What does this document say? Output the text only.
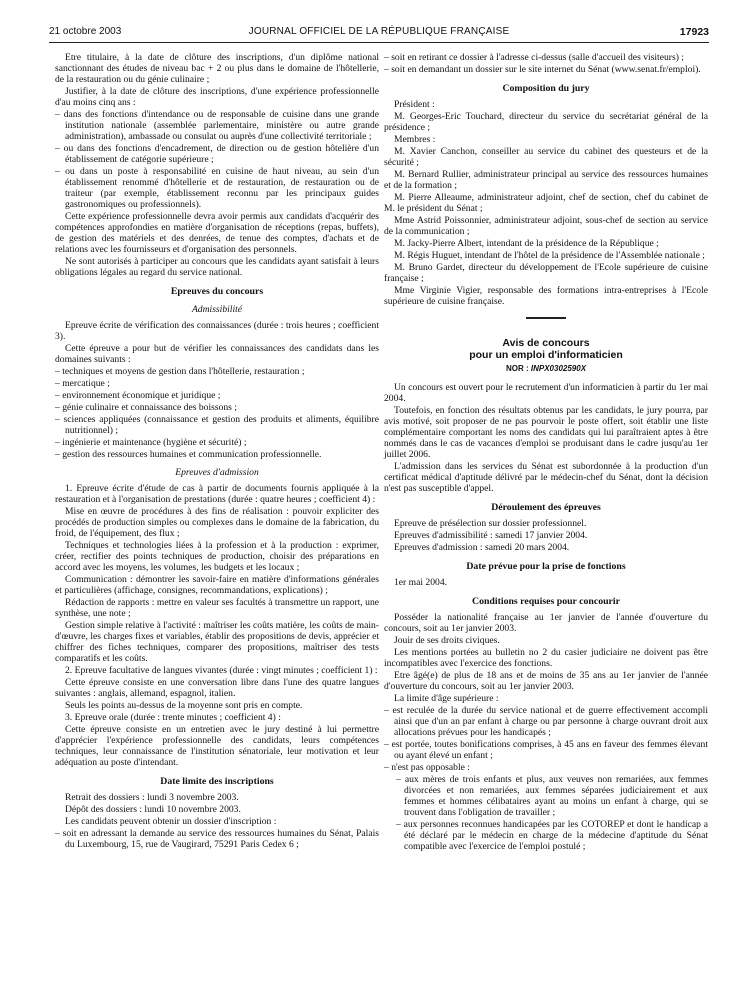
JOURNAL OFFICIEL DE LA RÉPUBLIQUE FRANÇAISE
21 octobre 2003	17923

Etre titulaire, à la date de clôture des inscriptions, d'un diplôme national sanctionnant des études de niveau bac + 2 ou plus dans le domaine de l'hôtellerie, de la restauration ou du génie culinaire ;

Justifier, à la date de clôture des inscriptions, d'une expérience professionnelle d'au moins cinq ans :

– dans des fonctions d'intendance ou de responsable de cuisine dans une grande institution nationale (assemblée parlementaire, ministère ou autre grande administration), ambassade ou consulat ou auprès d'une collectivité territoriale ;

– ou dans des fonctions d'encadrement, de direction ou de gestion hôtelière d'un établissement de catégorie supérieure ;

– ou dans un poste à responsabilité en cuisine de haut niveau, au sein d'un établissement renommé d'hôtellerie et de restauration, de restauration ou de traiteur (par exemple, établissement reconnu par les principaux guides gastronomiques ou professionnels).

Cette expérience professionnelle devra avoir permis aux candidats d'acquérir des compétences approfondies en matière d'organisation de réceptions (repas, buffets), de gestion des matériels et des denrées, de tenue des comptes, d'achats et de relations avec les fournisseurs et d'organisation des personnels.

Ne sont autorisés à participer au concours que les candidats ayant satisfait à leurs obligations légales au regard du service national.

Epreuves du concours
Admissibilité

Epreuve écrite de vérification des connaissances (durée : trois heures ; coefficient 3).

Cette épreuve a pour but de vérifier les connaissances des candidats dans les domaines suivants :

– techniques et moyens de gestion dans l'hôtellerie, restauration ;

– mercatique ;

– environnement économique et juridique ;

– génie culinaire et connaissance des boissons ;

– sciences appliquées (connaissance et gestion des produits et aliments, équilibre nutritionnel) ;

– ingénierie et maintenance (hygiène et sécurité) ;

– gestion des ressources humaines et communication professionnelle.

Epreuves d'admission

1. Epreuve écrite d'étude de cas à partir de documents fournis appliquée à la restauration et à l'organisation de prestations (durée : quatre heures ; coefficient 4) :

Mise en œuvre de procédures à des fins de réalisation : pouvoir expliciter des procédés de production simples ou complexes dans le domaine de la fabrication, du froid, de l'équipement, des flux ;

Techniques et technologies liées à la profession et à la production : exprimer, créer, rectifier des points techniques de production, choisir des préparations en accord avec les moyens, les volumes, les budgets et les locaux ;

Communication : démontrer les savoir-faire en matière d'informations générales et particulières (affichage, consignes, recommandations, explications) ;

Rédaction de rapports : mettre en valeur ses facultés à transmettre un rapport, une synthèse, une note ;

Gestion simple relative à l'activité : maîtriser les coûts matière, les coûts de main-d'œuvre, les charges fixes et variables, établir des propositions de devis, apprécier et chiffrer des fiches techniques, comparer des propositions, maîtriser des tests comparatifs et les coûts.

2. Epreuve facultative de langues vivantes (durée : vingt minutes ; coefficient 1) :

Cette épreuve consiste en une conversation libre dans l'une des quatre langues suivantes : anglais, allemand, espagnol, italien.

Seuls les points au-dessus de la moyenne sont pris en compte.

3. Epreuve orale (durée : trente minutes ; coefficient 4) :

Cette épreuve consiste en un entretien avec le jury destiné à lui permettre d'apprécier l'expérience professionnelle des candidats, leurs compétences techniques, leur connaissance de l'institution sénatoriale, leur motivation et leur adéquation au poste d'intendant.

Date limite des inscriptions

Retrait des dossiers : lundi 3 novembre 2003.

Dépôt des dossiers : lundi 10 novembre 2003.

Les candidats peuvent obtenir un dossier d'inscription :

– soit en adressant la demande au service des ressources humaines du Sénat, Palais du Luxembourg, 15, rue de Vaugirard, 75291 Paris Cedex 6 ;

– soit en retirant ce dossier à l'adresse ci-dessus (salle d'accueil des visiteurs) ;

– soit en demandant un dossier sur le site internet du Sénat (www.senat.fr/emploi).

Composition du jury

Président :

M. Georges-Eric Touchard, directeur du service du secrétariat général de la présidence ;

Membres :

M. Xavier Canchon, conseiller au service du cabinet des questeurs et de la sécurité ;

M. Bernard Rullier, administrateur principal au service des ressources humaines et de la formation ;

M. Pierre Alleaume, administrateur adjoint, chef de section, chef du cabinet de M. le président du Sénat ;

Mme Astrid Poissonnier, administrateur adjoint, sous-chef de section au service de la communication ;

M. Jacky-Pierre Albert, intendant de la présidence de la République ;

M. Régis Huguet, intendant de l'hôtel de la présidence de l'Assemblée nationale ;

M. Bruno Gardet, directeur du développement de l'Ecole supérieure de cuisine française ;

Mme Virginie Vigier, responsable des formations intra-entreprises à l'Ecole supérieure de cuisine française.

Avis de concours
pour un emploi d'informaticien
NOR : INPX0302590X

Un concours est ouvert pour le recrutement d'un informaticien à partir du 1er mai 2004.

Toutefois, en fonction des résultats obtenus par les candidats, le jury pourra, par avis motivé, soit proposer de ne pas pourvoir le poste offert, soit établir une liste complémentaire comportant les noms des candidats qui lui paraîtraient aptes à être nommés dans le cas de vacances d'emploi se produisant dans le cadre jusqu'au 1er juillet 2006.

L'admission dans les services du Sénat est subordonnée à la production d'un certificat médical d'aptitude délivré par le médecin-chef du Sénat, dont la décision n'est pas susceptible d'appel.

Déroulement des épreuves

Epreuve de présélection sur dossier professionnel.

Epreuves d'admissibilité : samedi 17 janvier 2004.

Epreuves d'admission : samedi 20 mars 2004.

Date prévue pour la prise de fonctions

1er mai 2004.

Conditions requises pour concourir

Posséder la nationalité française au 1er janvier de l'année d'ouverture du concours, soit au 1er janvier 2003.

Jouir de ses droits civiques.

Les mentions portées au bulletin no 2 du casier judiciaire ne doivent pas être incompatibles avec l'exercice des fonctions.

Etre âgé(e) de plus de 18 ans et de moins de 35 ans au 1er janvier de l'année d'ouverture du concours, soit au 1er janvier 2003.

La limite d'âge supérieure :

– est reculée de la durée du service national et de guerre effectivement accompli ainsi que d'un an par enfant à charge ou par personne à charge ouvrant droit aux allocations prévues pour les handicapés ;

– est portée, toutes bonifications comprises, à 45 ans en faveur des femmes élevant ou ayant élevé un enfant ;

– n'est pas opposable :

– aux mères de trois enfants et plus, aux veuves non remariées, aux femmes divorcées et non remariées, aux femmes séparées judiciairement et aux femmes et hommes célibataires ayant au moins un enfant à charge, qui se trouvent dans l'obligation de travailler ;

– aux personnes reconnues handicapées par les COTOREP et dont le handicap a été déclaré par le médecin en charge de la médecine d'aptitude du Sénat compatible avec l'exercice de l'emploi postulé ;
